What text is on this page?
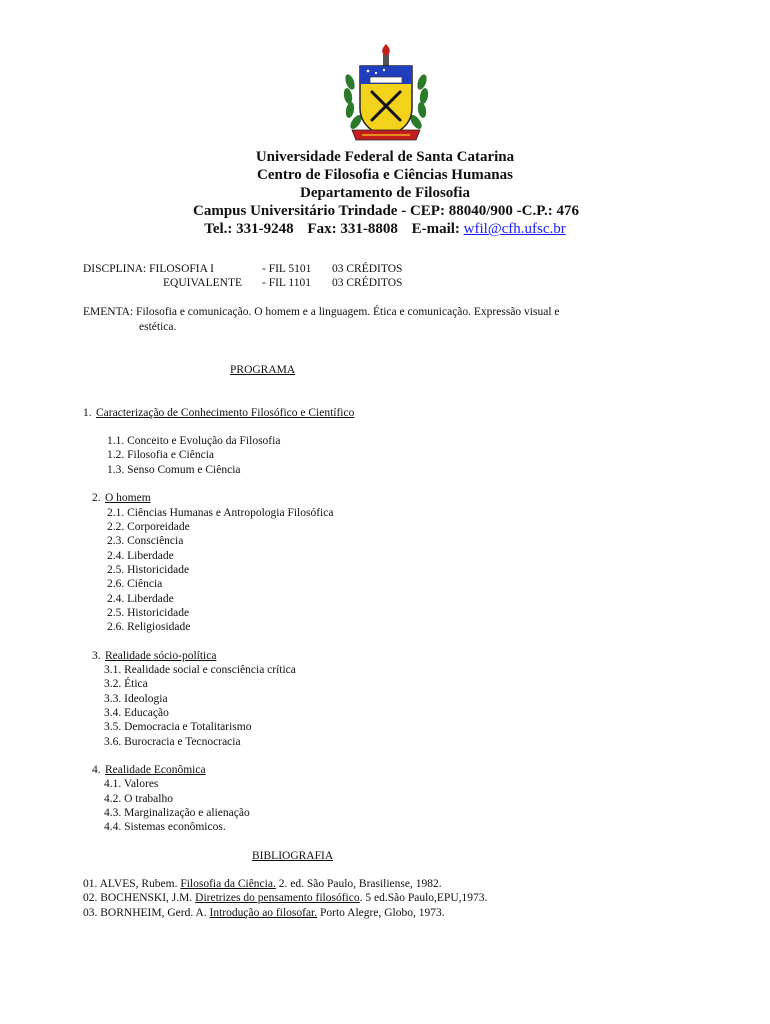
Universidade Federal de Santa Catarina
Centro de Filosofia e Ciências Humanas
Departamento de Filosofia
Campus Universitário Trindade - CEP: 88040/900 -C.P.: 476
Tel.: 331-9248 Fax: 331-8808 E-mail: wfil@cfh.ufsc.br
DISCPLINA: FILOSOFIA I	- FIL 5101 03 CRÉDITOS
EQUIVALENTE - FIL 1101 03 CRÉDITOS
EMENTA: Filosofia e comunicação. O homem e a linguagem. Ética e comunicação. Expressão visual e
estética.
PROGRAMA
1. Caracterização de Conhecimento Filosófico e Científico
1.1. Conceito e Evolução da Filosofia
1.2. Filosofia e Ciência
1.3. Senso Comum e Ciência
2. O homem
2.1. Ciências Humanas e Antropologia Filosófica
2.2. Corporeidade
2.3. Consciência
2.4. Liberdade
2.5. Historicidade
2.6. Ciência
2.4. Liberdade
2.5. Historicidade
2.6. Religiosidade
3. Realidade sócio-política
3.1. Realidade social e consciência crítica
3.2. Ética
3.3. Ideologia
3.4. Educação
3.5. Democracia e Totalitarismo
3.6. Burocracia e Tecnocracia
4. Realidade Econômica
4.1. Valores
4.2. O trabalho
4.3. Marginalização e alienação
4.4. Sistemas econômicos.
BIBLIOGRAFIA
01. ALVES, Rubem. Filosofia da Ciência. 2. ed. São Paulo, Brasiliense, 1982.
02. BOCHENSKI, J.M. Diretrizes do pensamento filosófico. 5 ed.São Paulo,EPU,1973.
03. BORNHEIM, Gerd. A. Introdução ao filosofar. Porto Alegre, Globo, 1973.
